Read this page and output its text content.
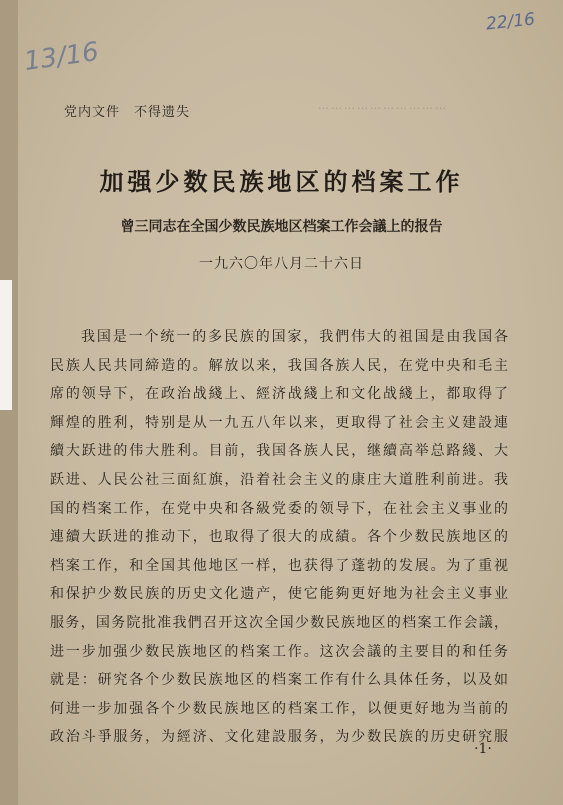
22/16
13/16
…………………………
党内文件　不得遗失
加强少数民族地区的档案工作
曾三同志在全国少数民族地区档案工作会議上的报告
一九六〇年八月二十六日
我国是一个统一的多民族的国家，我們伟大的祖国是由我国各
民族人民共同締造的。解放以来，我国各族人民，在党中央和毛主
席的领导下，在政治战綫上、經济战綫上和文化战綫上，都取得了
輝煌的胜利，特别是从一九五八年以来，更取得了社会主义建設連
續大跃进的伟大胜利。目前，我国各族人民，继續高举总路綫、大
跃进、人民公社三面紅旗，沿着社会主义的康庄大道胜利前进。我
国的档案工作，在党中央和各級党委的领导下，在社会主义事业的
連續大跃进的推动下，也取得了很大的成績。各个少数民族地区的
档案工作，和全国其他地区一样，也获得了蓬勃的发展。为了重视
和保护少数民族的历史文化遗产，使它能夠更好地为社会主义事业
服务，国务院批准我們召开这次全国少数民族地区的档案工作会議，
进一步加强少数民族地区的档案工作。这次会議的主要目的和任务
就是：研究各个少数民族地区的档案工作有什么具体任务，以及如
何进一步加强各个少数民族地区的档案工作，以便更好地为当前的
政治斗爭服务，为經济、文化建設服务，为少数民族的历史研究服
·1·
